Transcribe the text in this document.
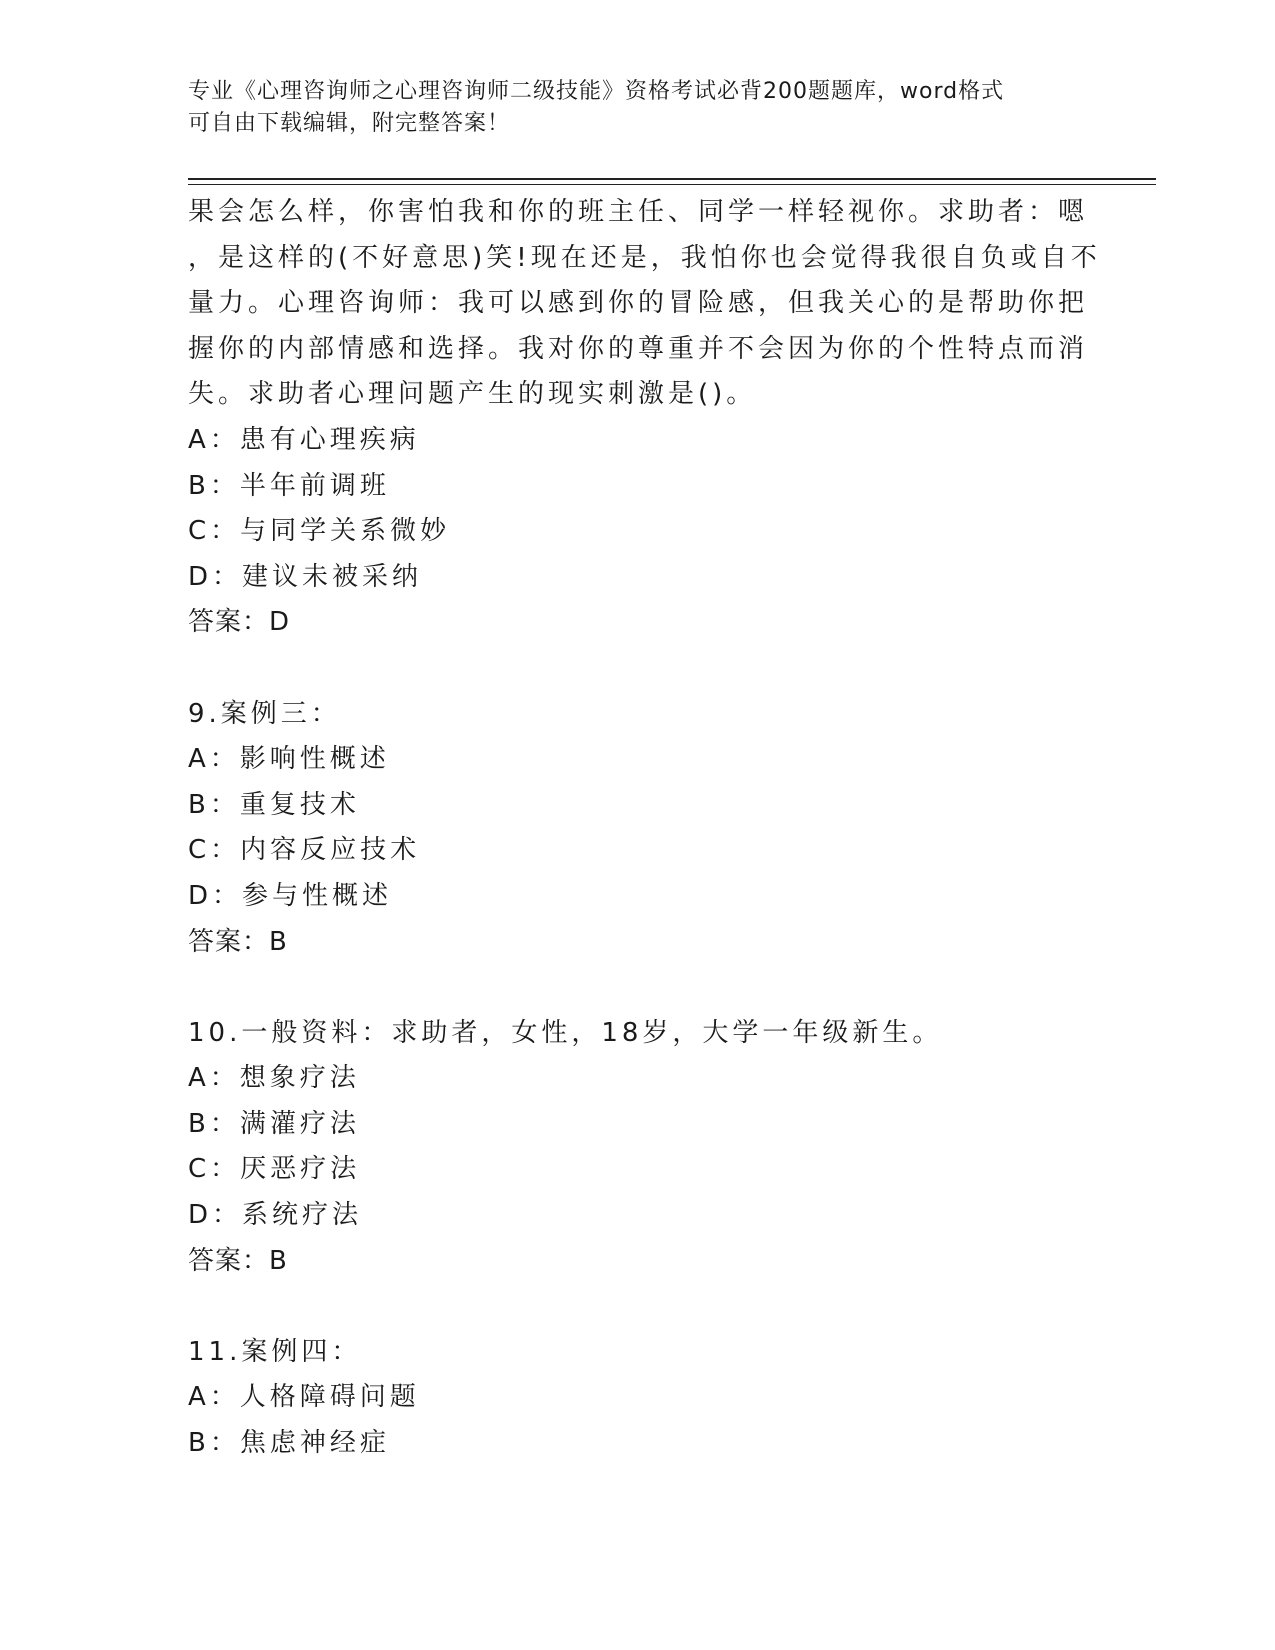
专业《心理咨询师之心理咨询师二级技能》资格考试必背200题题库，word格式
可自由下载编辑，附完整答案！
果会怎么样，你害怕我和你的班主任、同学一样轻视你。求助者：嗯
，是这样的(不好意思)笑!现在还是，我怕你也会觉得我很自负或自不
量力。心理咨询师：我可以感到你的冒险感，但我关心的是帮助你把
握你的内部情感和选择。我对你的尊重并不会因为你的个性特点而消
失。求助者心理问题产生的现实刺激是()。
A：患有心理疾病
B：半年前调班
C：与同学关系微妙
D：建议未被采纳
答案：D
9.案例三：
A：影响性概述
B：重复技术
C：内容反应技术
D：参与性概述
答案：B
10.一般资料：求助者，女性，18岁，大学一年级新生。
A：想象疗法
B：满灌疗法
C：厌恶疗法
D：系统疗法
答案：B
11.案例四：
A：人格障碍问题
B：焦虑神经症
